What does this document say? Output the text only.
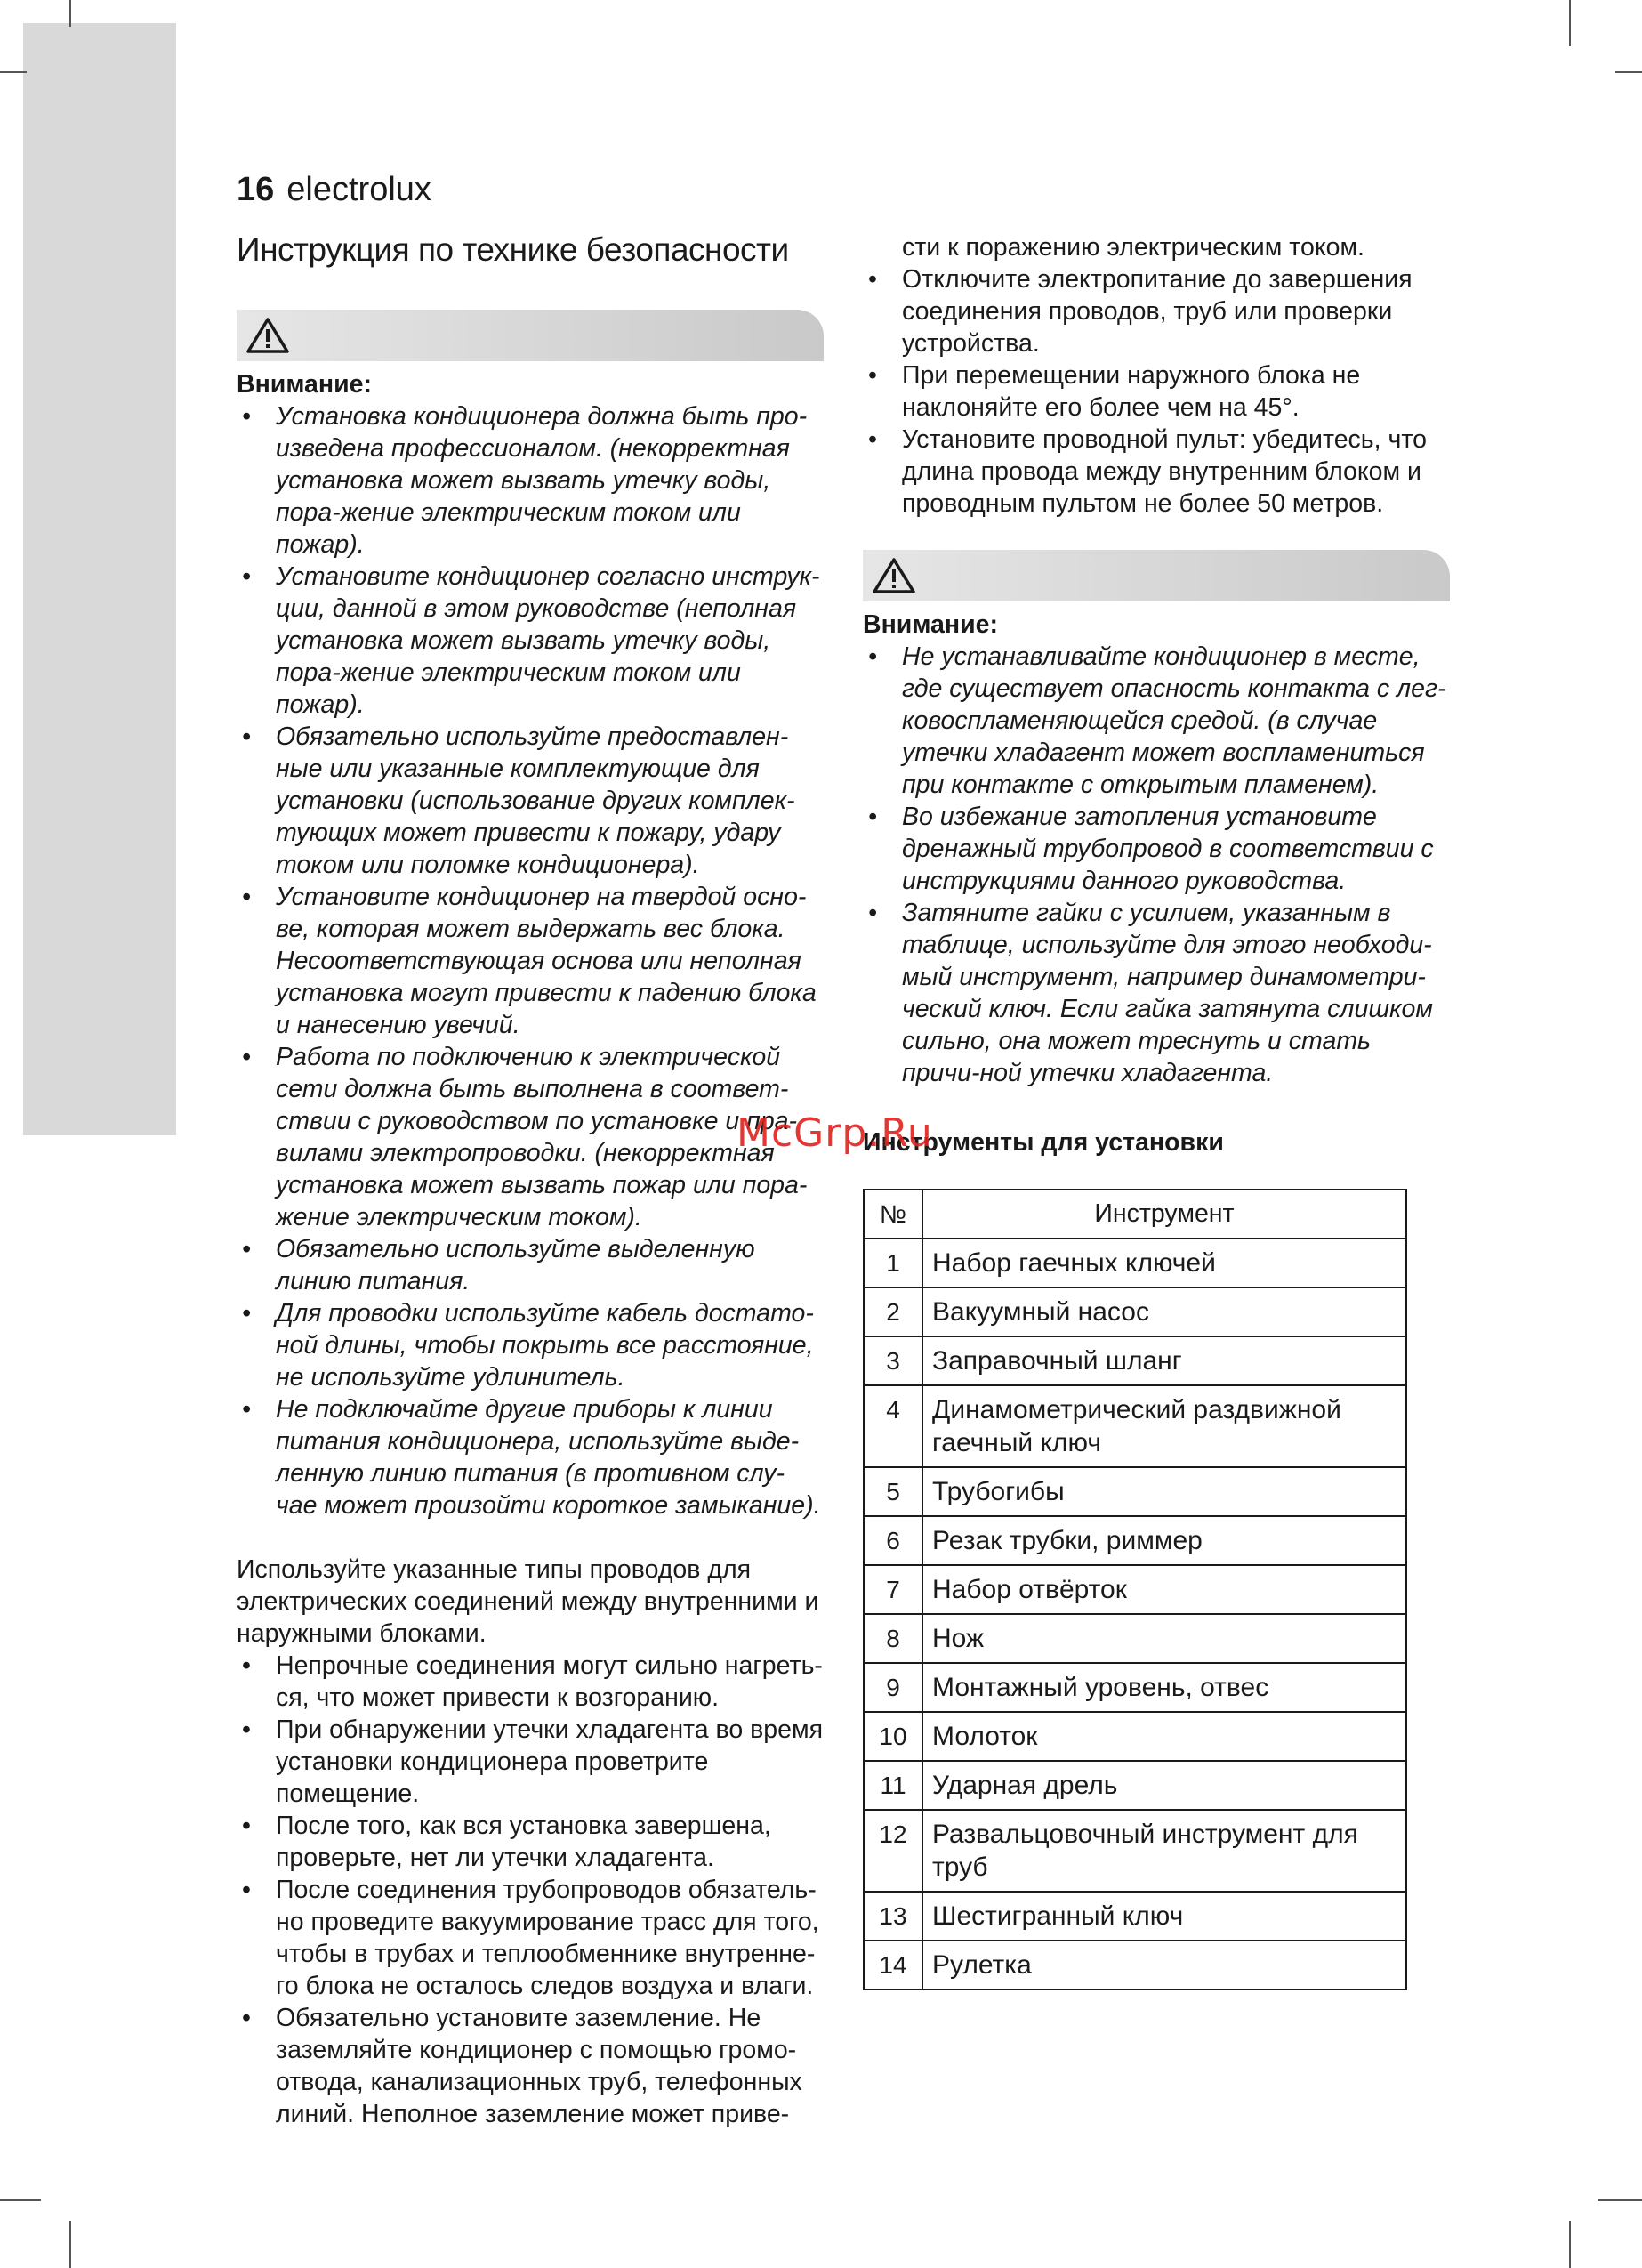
16 electrolux
Инструкция по технике безопасности

Внимание:

• Установка кондиционера должна быть про-изведена профессионалом. (некорректная установка может вызвать утечку воды, пора-жение электрическим током или пожар).
• Установите кондиционер согласно инструк-ции, данной в этом руководстве (неполная установка может вызвать утечку воды, пора-жение электрическим током или пожар).
• Обязательно используйте предоставлен-ные или указанные комплектующие для установки (использование других комплек-тующих может привести к пожару, удару током или поломке кондиционера).
• Установите кондиционер на твердой осно-ве, которая может выдержать вес блока. Несоответствующая основа или неполная установка могут привести к падению блока и нанесению увечий.
• Работа по подключению к электрической сети должна быть выполнена в соответ-ствии с руководством по установке и пра-вилами электропроводки. (некорректная установка может вызвать пожар или пора-жение электрическим током).
• Обязательно используйте выделенную линию питания.
• Для проводки используйте кабель достато-ной длины, чтобы покрыть все расстояние, не используйте удлинитель.
• Не подключайте другие приборы к линии питания кондиционера, используйте выде-ленную линию питания (в противном слу-чае может произойти короткое замыкание).

Используйте указанные типы проводов для электрических соединений между внутренними и наружными блоками.

• Непрочные соединения могут сильно нагреть-ся, что может привести к возгоранию.
• При обнаружении утечки хладагента во время установки кондиционера проветрите помещение.
• После того, как вся установка завершена, проверьте, нет ли утечки хладагента.
• После соединения трубопроводов обязатель-но проведите вакуумирование трасс для того, чтобы в трубах и теплообменнике внутренне-го блока не осталось следов воздуха и влаги.
• Обязательно установите заземление. Не заземляйте кондиционер с помощью громо-отвода, канализационных труб, телефонных линий. Неполное заземление может приве-

сти к поражению электрическим током.

• Отключите электропитание до завершения соединения проводов, труб или проверки устройства.
• При перемещении наружного блока не наклоняйте его более чем на 45°.
• Установите проводной пульт: убедитесь, что длина провода между внутренним блоком и проводным пультом не более 50 метров.

Внимание:

• Не устанавливайте кондиционер в месте, где существует опасность контакта с лег-ковоспламеняющейся средой. (в случае утечки хладагент может воспламениться при контакте с открытым пламенем).
• Во избежание затопления установите дренажный трубопровод в соответствии с инструкциями данного руководства.
• Затяните гайки с усилием, указанным в таблице, используйте для этого необходи-мый инструмент, например динамометри-ческий ключ. Если гайка затянута слишком сильно, она может треснуть и стать причи-ной утечки хладагента.

Инструменты для установки

№	Инструмент
1	Набор гаечных ключей
2	Вакуумный насос
3	Заправочный шланг
4	Динамометрический раздвижной гаечный ключ
5	Трубогибы
6	Резак трубки, риммер
7	Набор отвёрток
8	Нож
9	Монтажный уровень, отвес
10	Молоток
11	Ударная дрель
12	Развальцовочный инструмент для труб
13	Шестигранный ключ
14	Рулетка
McGrp.Ru
